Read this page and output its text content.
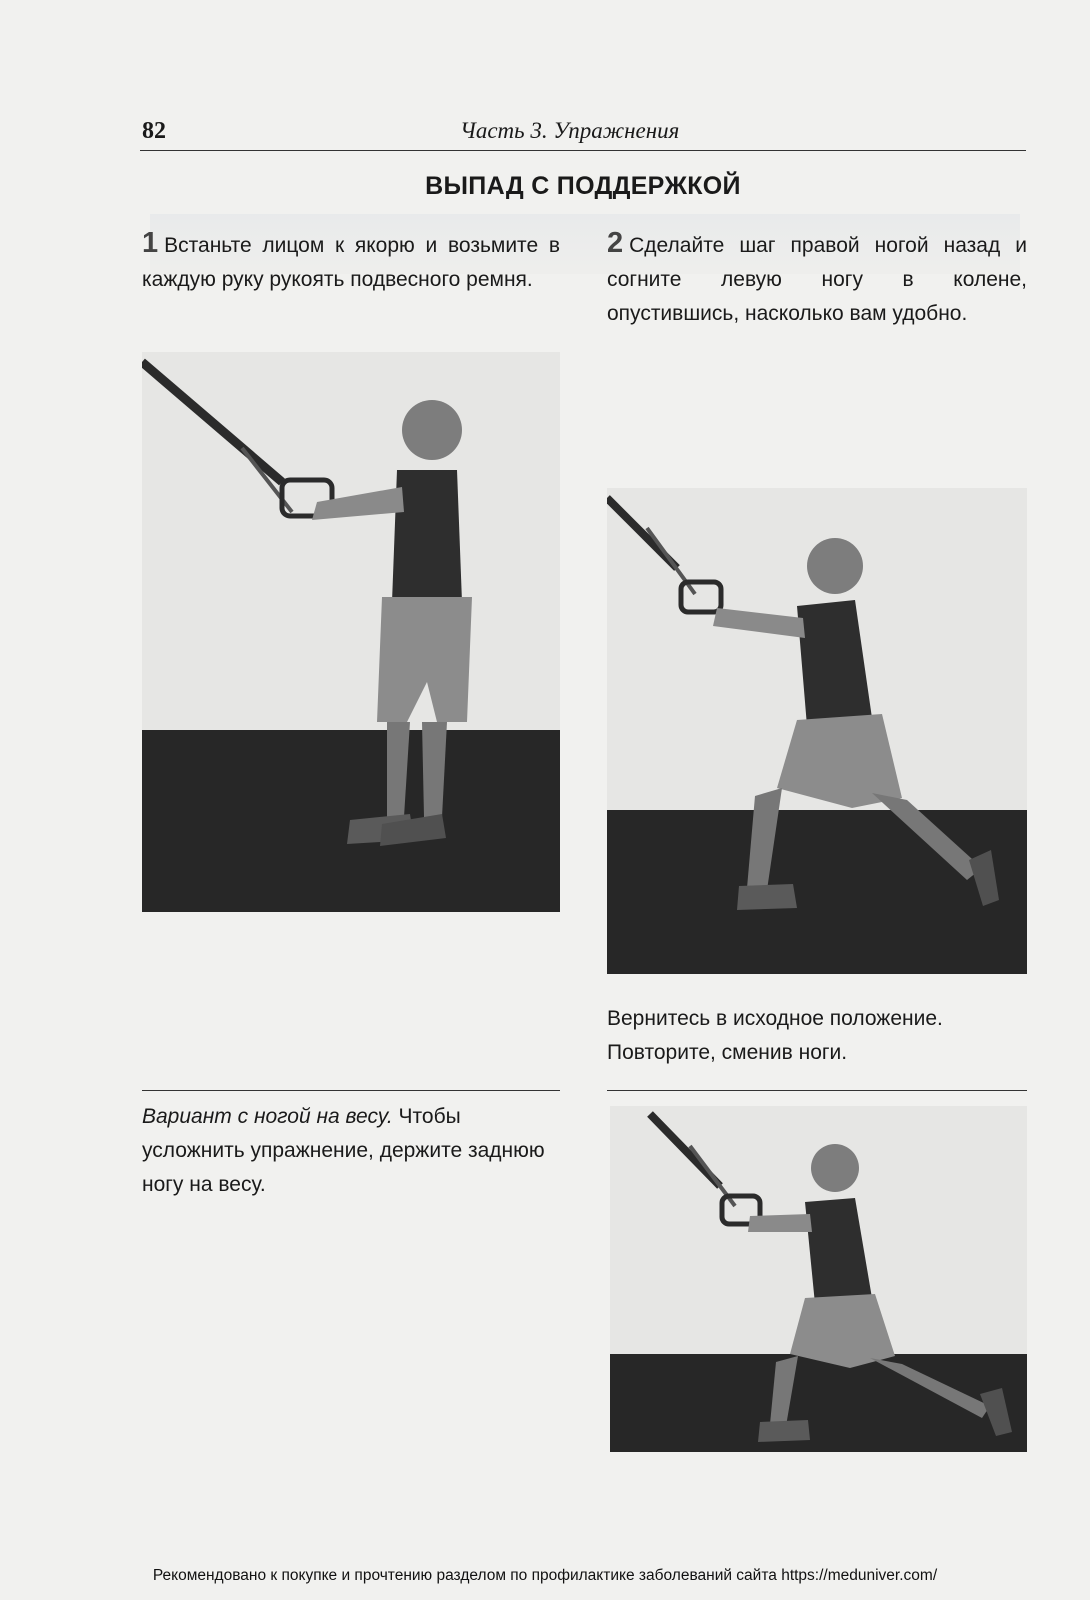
82	Часть 3. Упражнения
ВЫПАД С ПОДДЕРЖКОЙ
1 Встаньте лицом к якорю и возьмите в каждую руку рукоять подвесного ремня.
2 Сделайте шаг правой ногой назад и согните левую ногу в колене, опустившись, насколько вам удобно.
Вернитесь в исходное положение. Повторите, сменив ноги.
Вариант с ногой на весу. Чтобы усложнить упражнение, держите заднюю ногу на весу.
Рекомендовано к покупке и прочтению разделом по профилактике заболеваний сайта https://meduniver.com/
